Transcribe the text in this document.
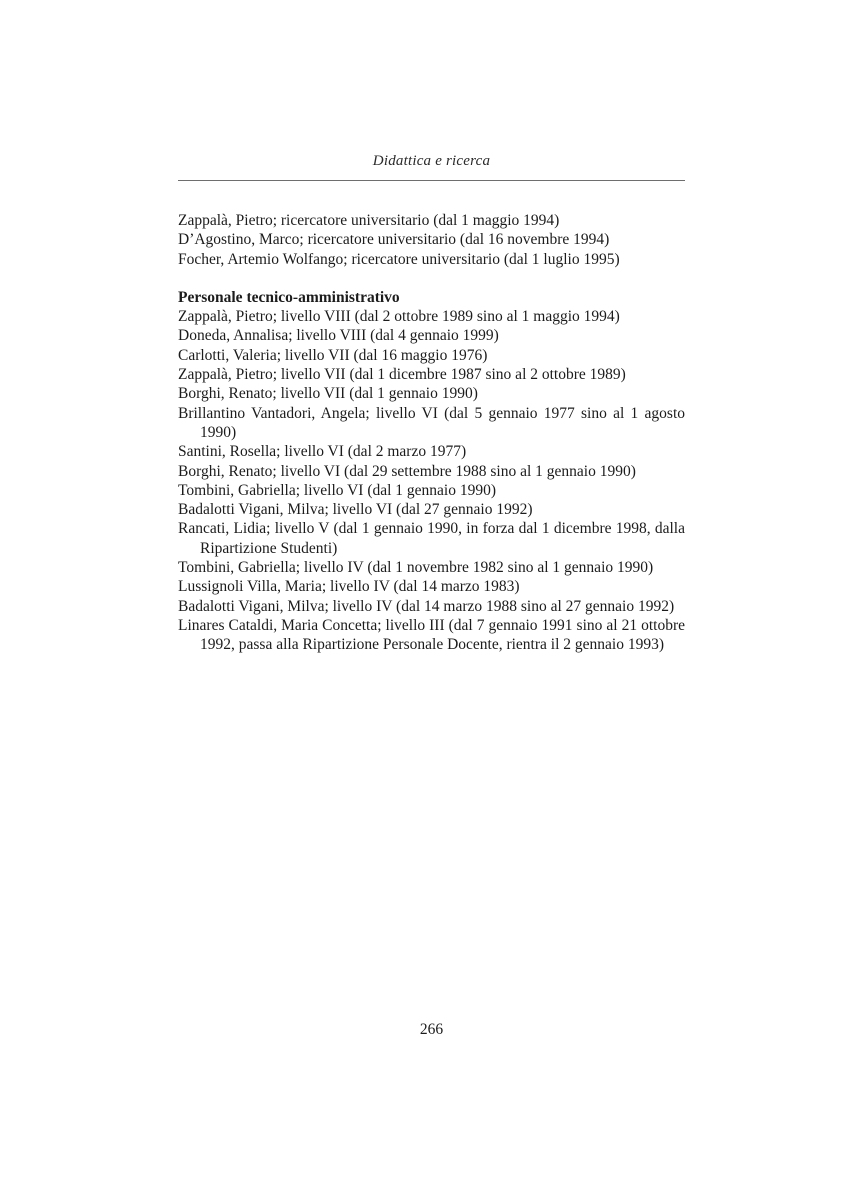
Didattica e ricerca

Zappalà, Pietro; ricercatore universitario (dal 1 maggio 1994)

D’Agostino, Marco; ricercatore universitario (dal 16 novembre 1994)

Focher, Artemio Wolfango; ricercatore universitario (dal 1 luglio 1995)

Personale tecnico-amministrativo

Zappalà, Pietro; livello VIII (dal 2 ottobre 1989 sino al 1 maggio 1994)

Doneda, Annalisa; livello VIII (dal 4 gennaio 1999)

Carlotti, Valeria; livello VII (dal 16 maggio 1976)

Zappalà, Pietro; livello VII (dal 1 dicembre 1987 sino al 2 ottobre 1989)

Borghi, Renato; livello VII (dal 1 gennaio 1990)

Brillantino Vantadori, Angela; livello VI (dal 5 gennaio 1977 sino al 1 agosto 1990)

Santini, Rosella; livello VI (dal 2 marzo 1977)

Borghi, Renato; livello VI (dal 29 settembre 1988 sino al 1 gennaio 1990)

Tombini, Gabriella; livello VI (dal 1 gennaio 1990)

Badalotti Vigani, Milva; livello VI (dal 27 gennaio 1992)

Rancati, Lidia; livello V (dal 1 gennaio 1990, in forza dal 1 dicembre 1998, dalla Ripartizione Studenti)

Tombini, Gabriella; livello IV (dal 1 novembre 1982 sino al 1 gennaio 1990)

Lussignoli Villa, Maria; livello IV (dal 14 marzo 1983)

Badalotti Vigani, Milva; livello IV (dal 14 marzo 1988 sino al 27 gennaio 1992)

Linares Cataldi, Maria Concetta; livello III (dal 7 gennaio 1991 sino al 21 ottobre 1992, passa alla Ripartizione Personale Docente, rientra il 2 gennaio 1993)

266
